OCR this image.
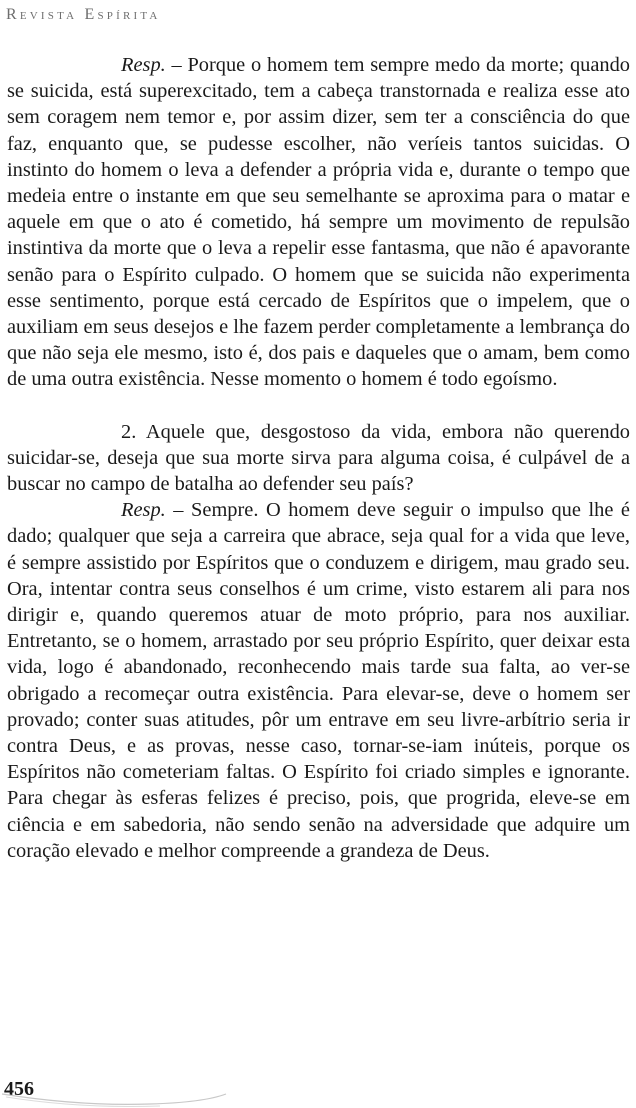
Revista Espírita

Resp. – Porque o homem tem sempre medo da morte; quando se suicida, está superexcitado, tem a cabeça transtornada e realiza esse ato sem coragem nem temor e, por assim dizer, sem ter a consciência do que faz, enquanto que, se pudesse escolher, não veríeis tantos suicidas. O instinto do homem o leva a defender a própria vida e, durante o tempo que medeia entre o instante em que seu semelhante se aproxima para o matar e aquele em que o ato é cometido, há sempre um movimento de repulsão instintiva da morte que o leva a repelir esse fantasma, que não é apavorante senão para o Espírito culpado. O homem que se suicida não experimenta esse sentimento, porque está cercado de Espíritos que o impelem, que o auxiliam em seus desejos e lhe fazem perder completamente a lembrança do que não seja ele mesmo, isto é, dos pais e daqueles que o amam, bem como de uma outra existência. Nesse momento o homem é todo egoísmo.

2. Aquele que, desgostoso da vida, embora não querendo suicidar-se, deseja que sua morte sirva para alguma coisa, é culpável de a buscar no campo de batalha ao defender seu país?

Resp. – Sempre. O homem deve seguir o impulso que lhe é dado; qualquer que seja a carreira que abrace, seja qual for a vida que leve, é sempre assistido por Espíritos que o conduzem e dirigem, mau grado seu. Ora, intentar contra seus conselhos é um crime, visto estarem ali para nos dirigir e, quando queremos atuar de moto próprio, para nos auxiliar. Entretanto, se o homem, arrastado por seu próprio Espírito, quer deixar esta vida, logo é abandonado, reconhecendo mais tarde sua falta, ao ver-se obrigado a recomeçar outra existência. Para elevar-se, deve o homem ser provado; conter suas atitudes, pôr um entrave em seu livre-arbítrio seria ir contra Deus, e as provas, nesse caso, tornar-se-iam inúteis, porque os Espíritos não cometeriam faltas. O Espírito foi criado simples e ignorante. Para chegar às esferas felizes é preciso, pois, que progrida, eleve-se em ciência e em sabedoria, não sendo senão na adversidade que adquire um coração elevado e melhor compreende a grandeza de Deus.

456
